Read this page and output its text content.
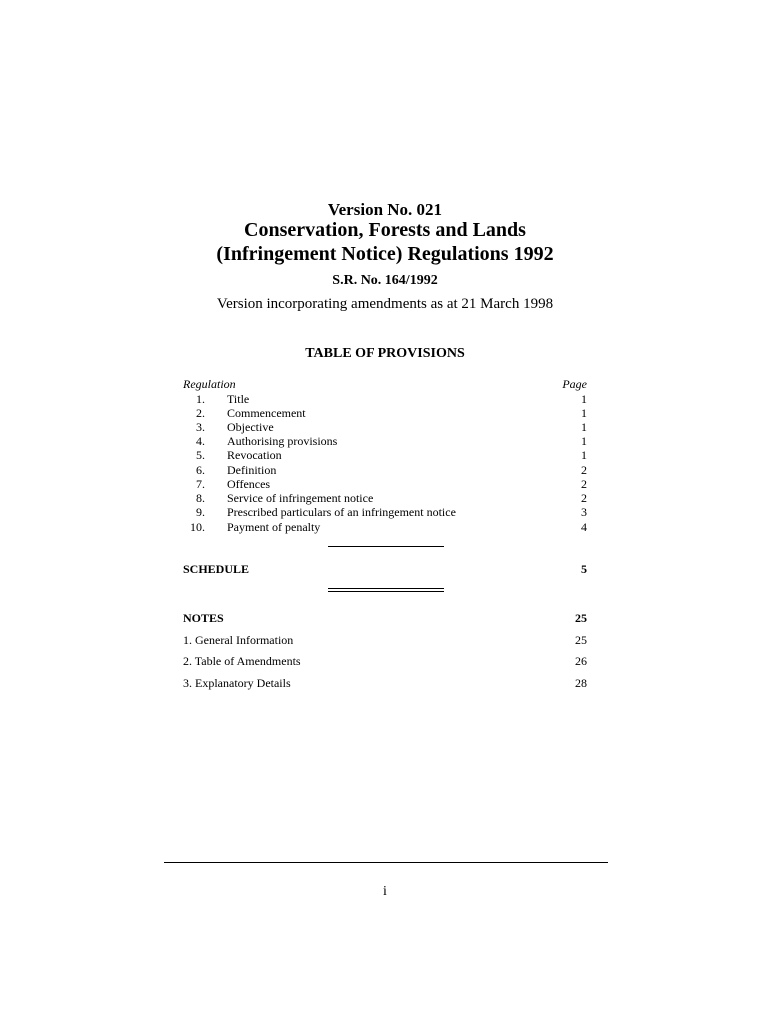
Version No. 021
Conservation, Forests and Lands
(Infringement Notice) Regulations 1992
S.R. No. 164/1992
Version incorporating amendments as at 21 March 1998
TABLE OF PROVISIONS
Regulation	Page
1. Title	1
2. Commencement	1
3. Objective	1
4. Authorising provisions	1
5. Revocation	1
6. Definition	2
7. Offences	2
8. Service of infringement notice	2
9. Prescribed particulars of an infringement notice	3
10. Payment of penalty	4
SCHEDULE	5
NOTES	25
1. General Information	25
2. Table of Amendments	26
3. Explanatory Details	28
i
